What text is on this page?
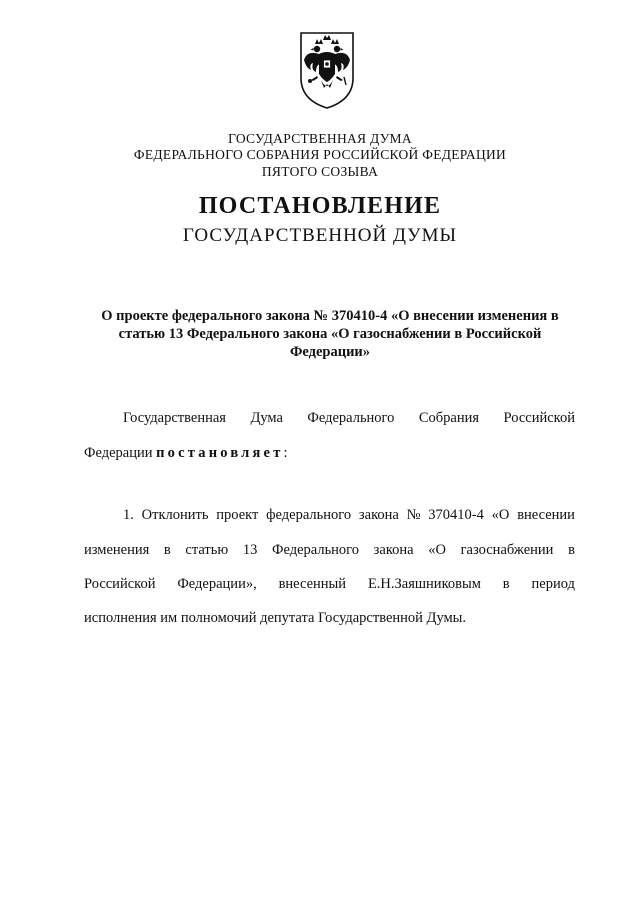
ГОСУДАРСТВЕННАЯ ДУМА
ФЕДЕРАЛЬНОГО СОБРАНИЯ РОССИЙСКОЙ ФЕДЕРАЦИИ
ПЯТОГО СОЗЫВА
ПОСТАНОВЛЕНИЕ
ГОСУДАРСТВЕННОЙ ДУМЫ
О проекте федерального закона № 370410-4 «О внесении изменения в
статью 13 Федерального закона «О газоснабжении в Российской
Федерации»
Государственная Дума Федерального Собрания Российской
Федерации постановляет:
1. Отклонить проект федерального закона № 370410-4 «О внесении
изменения в статью 13 Федерального закона «О газоснабжении в
Российской Федерации», внесенный Е.Н.Заяшниковым в период
исполнения им полномочий депутата Государственной Думы.
